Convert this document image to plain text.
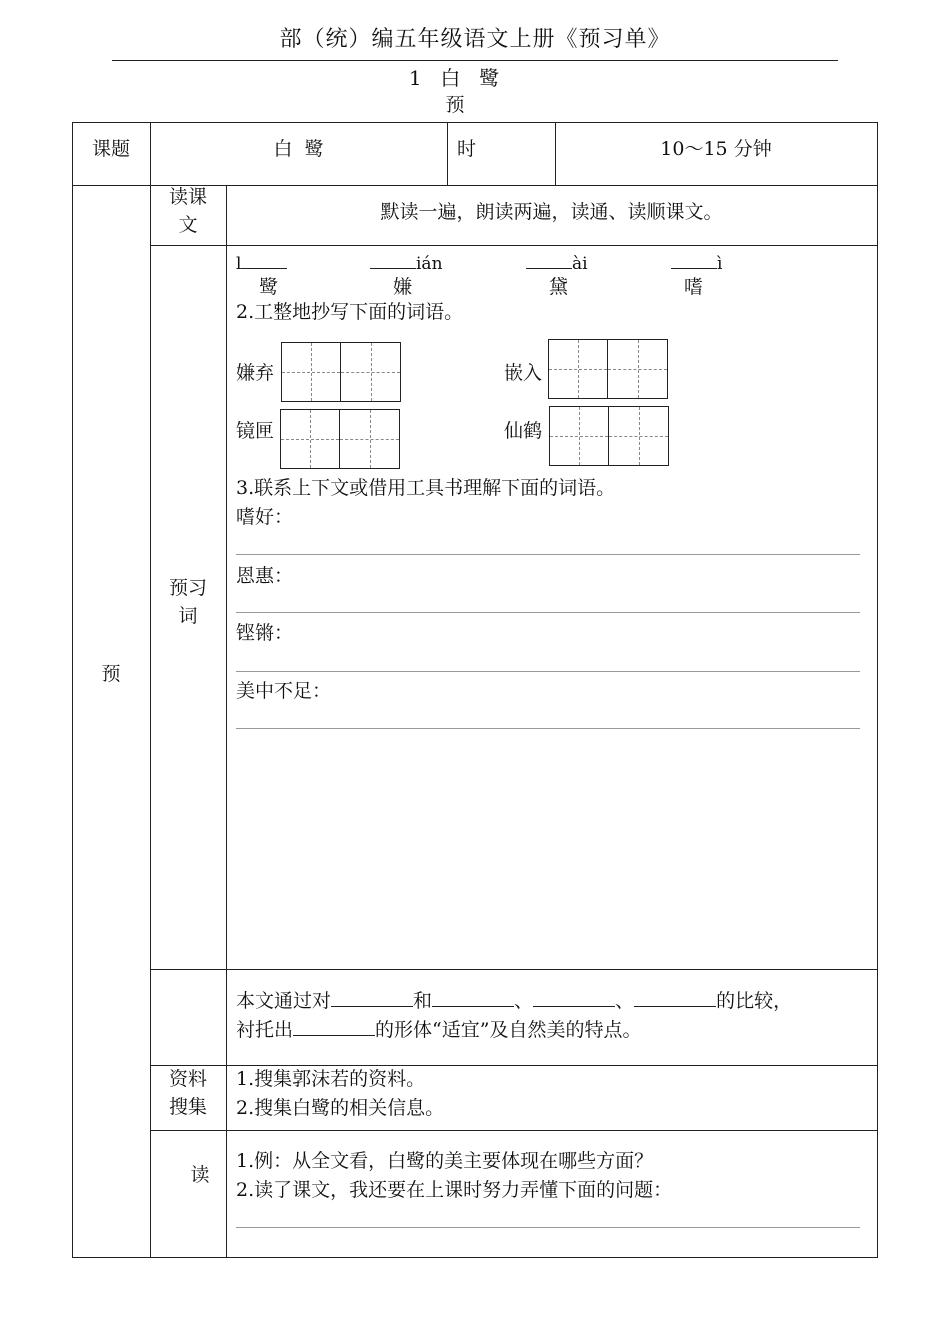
部（统）编五年级语文上册《预习单》
1  白  鹭
预
课题	白  鹭	时	10～15 分钟
预
读课文
默读一遍，朗读两遍，读通、读顺课文。
预习词
l	ián	ài	ì
鹭	嫌	黛	嗜
2.工整地抄写下面的词语。
嫌弃	嵌入
镜匣	仙鹤
3.联系上下文或借用工具书理解下面的词语。
嗜好：
恩惠：
铿锵：
美中不足：
本文通过对	和	、	、	的比较，
衬托出	的形体“适宜”及自然美的特点。
资料搜集
1.搜集郭沫若的资料。
2.搜集白鹭的相关信息。
读
1.例：从全文看，白鹭的美主要体现在哪些方面？
2.读了课文，我还要在上课时努力弄懂下面的问题：
